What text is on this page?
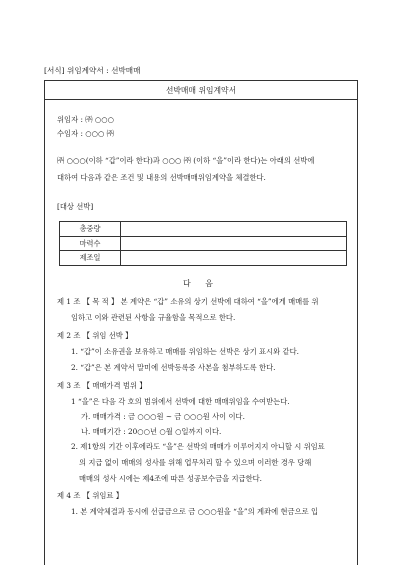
[서식] 위임계약서 : 선박매매
선박매매 위임계약서
위임자 : ㈜ ○○○
수임자 : ○○○ ㈜
㈜ ○○○(이하 “갑”이라 한다)과 ○○○ ㈜ (이하 “을”이라 한다)는 아래의 선박에
대하여 다음과 같은 조건 및 내용의 선박매매위임계약을 체결한다.
[대상 선박]
총중량	
마력수	
제조일	
다 음
제 1 조 【 목 적 】 본 계약은 “갑” 소유의 상기 선박에 대하여 “을”에게 매매를 위
임하고 이와 관련된 사항을 규율함을 목적으로 한다.
제 2 조 【 위임 선박 】
1. “갑”이 소유권을 보유하고 매매를 위임하는 선박은 상기 표시와 같다.
2. “갑”은 본 계약서 말미에 선박등록증 사본을 첨부하도록 한다.
제 3 조 【 매매가격 범위 】
1 “을”은 다음 각 호의 범위에서 선박에 대한 매매위임을 수여받는다.
가. 매매가격 : 금 ○○○원 ~ 금 ○○○원 사이 이다.
나. 매매기간 : 20○○년 ○월 ○일까지 이다.
2. 제1항의 기간 이후에라도 “을”은 선박의 매매가 이루어지지 아니할 시 위임료
의 지급 없이 매매의 성사를 위해 업무처리 할 수 있으며 이러한 경우 당해
매매의 성사 시에는 제4조에 따른 성공보수금을 지급한다.
제 4 조 【 위임료 】
1. 본 계약체결과 동시에 선급금으로 금 ○○○원을 “을”의 계좌에 현금으로 입
